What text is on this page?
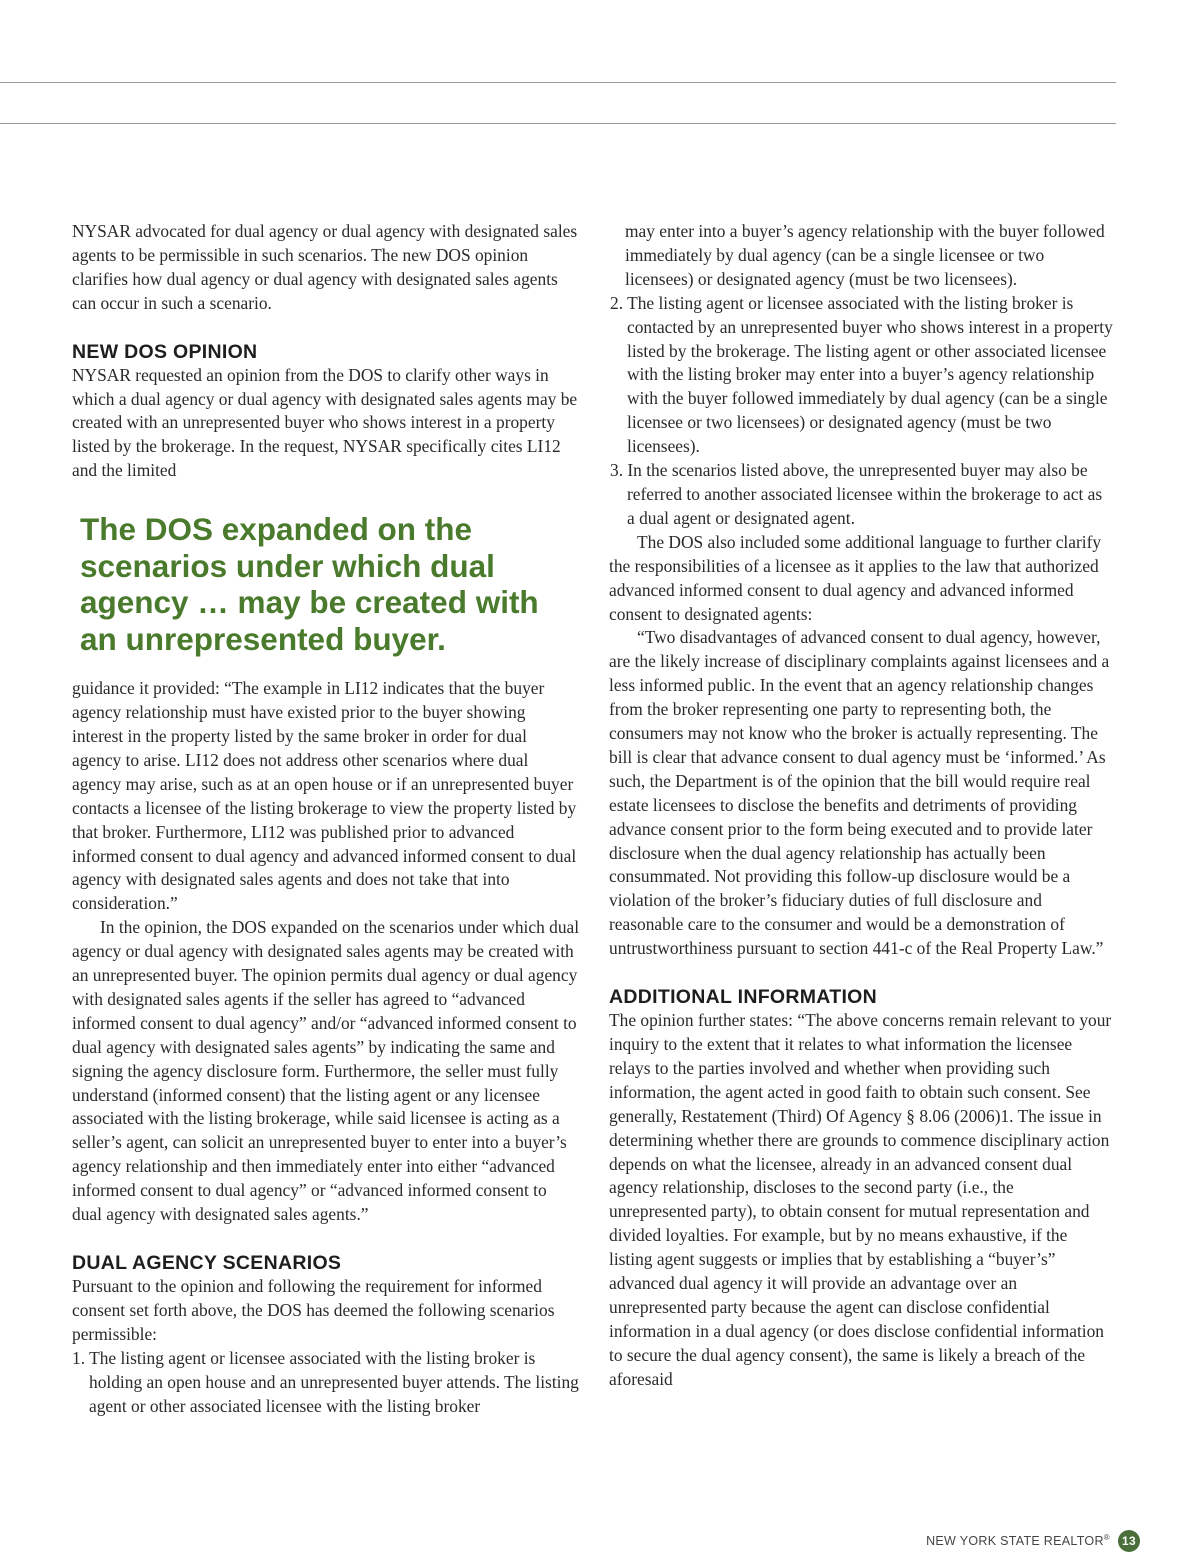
NYSAR advocated for dual agency or dual agency with designated sales agents to be permissible in such scenarios. The new DOS opinion clarifies how dual agency or dual agency with designated sales agents can occur in such a scenario.

NEW DOS OPINION

NYSAR requested an opinion from the DOS to clarify other ways in which a dual agency or dual agency with designated sales agents may be created with an unrepresented buyer who shows interest in a property listed by the brokerage. In the request, NYSAR specifically cites LI12 and the limited

The DOS expanded on the scenarios under which dual agency … may be created with an unrepresented buyer.

guidance it provided: “The example in LI12 indicates that the buyer agency relationship must have existed prior to the buyer showing interest in the property listed by the same broker in order for dual agency to arise. LI12 does not address other scenarios where dual agency may arise, such as at an open house or if an unrepresented buyer contacts a licensee of the listing brokerage to view the property listed by that broker. Furthermore, LI12 was published prior to advanced informed consent to dual agency and advanced informed consent to dual agency with designated sales agents and does not take that into consideration.”

In the opinion, the DOS expanded on the scenarios under which dual agency or dual agency with designated sales agents may be created with an unrepresented buyer. The opinion permits dual agency or dual agency with designated sales agents if the seller has agreed to “advanced informed consent to dual agency” and/or “advanced informed consent to dual agency with designated sales agents” by indicating the same and signing the agency disclosure form. Furthermore, the seller must fully understand (informed consent) that the listing agent or any licensee associated with the listing brokerage, while said licensee is acting as a seller’s agent, can solicit an unrepresented buyer to enter into a buyer’s agency relationship and then immediately enter into either “advanced informed consent to dual agency” or “advanced informed consent to dual agency with designated sales agents.”

DUAL AGENCY SCENARIOS

Pursuant to the opinion and following the requirement for informed consent set forth above, the DOS has deemed the following scenarios permissible:

1. The listing agent or licensee associated with the listing broker is holding an open house and an unrepresented buyer attends. The listing agent or other associated licensee with the listing broker

may enter into a buyer’s agency relationship with the buyer followed immediately by dual agency (can be a single licensee or two licensees) or designated agency (must be two licensees).

2. The listing agent or licensee associated with the listing broker is contacted by an unrepresented buyer who shows interest in a property listed by the brokerage. The listing agent or other associated licensee with the listing broker may enter into a buyer’s agency relationship with the buyer followed immediately by dual agency (can be a single licensee or two licensees) or designated agency (must be two licensees).
3. In the scenarios listed above, the unrepresented buyer may also be referred to another associated licensee within the brokerage to act as a dual agent or designated agent.

The DOS also included some additional language to further clarify the responsibilities of a licensee as it applies to the law that authorized advanced informed consent to dual agency and advanced informed consent to designated agents:

“Two disadvantages of advanced consent to dual agency, however, are the likely increase of disciplinary complaints against licensees and a less informed public. In the event that an agency relationship changes from the broker representing one party to representing both, the consumers may not know who the broker is actually representing. The bill is clear that advance consent to dual agency must be ‘informed.’ As such, the Department is of the opinion that the bill would require real estate licensees to disclose the benefits and detriments of providing advance consent prior to the form being executed and to provide later disclosure when the dual agency relationship has actually been consummated. Not providing this follow-up disclosure would be a violation of the broker’s fiduciary duties of full disclosure and reasonable care to the consumer and would be a demonstration of untrustworthiness pursuant to section 441-c of the Real Property Law.”

ADDITIONAL INFORMATION

The opinion further states: “The above concerns remain relevant to your inquiry to the extent that it relates to what information the licensee relays to the parties involved and whether when providing such information, the agent acted in good faith to obtain such consent. See generally, Restatement (Third) Of Agency § 8.06 (2006)1. The issue in determining whether there are grounds to commence disciplinary action depends on what the licensee, already in an advanced consent dual agency relationship, discloses to the second party (i.e., the unrepresented party), to obtain consent for mutual representation and divided loyalties. For example, but by no means exhaustive, if the listing agent suggests or implies that by establishing a “buyer’s” advanced dual agency it will provide an advantage over an unrepresented party because the agent can disclose confidential information in a dual agency (or does disclose confidential information to secure the dual agency consent), the same is likely a breach of the aforesaid

NEW YORK STATE REALTOR®	13
